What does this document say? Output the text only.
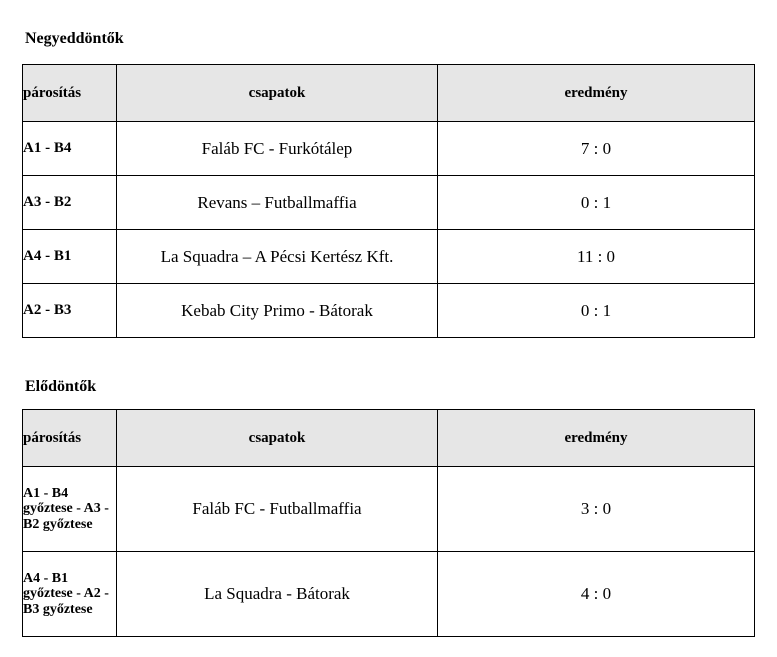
Negyeddöntők
párosítás	csapatok	eredmény
A1 - B4	Faláb FC - Furkótálep	7 : 0
A3 - B2	Revans – Futballmaffia	0 : 1
A4 - B1	La Squadra – A Pécsi Kertész Kft.	11 : 0
A2 - B3	Kebab City Primo - Bátorak	0 : 1
Elődöntők
párosítás	csapatok	eredmény
A1 - B4 győztese - A3 - B2 győztese	Faláb FC - Futballmaffia	3 : 0
A4 - B1 győztese - A2 - B3 győztese	La Squadra - Bátorak	4 : 0
